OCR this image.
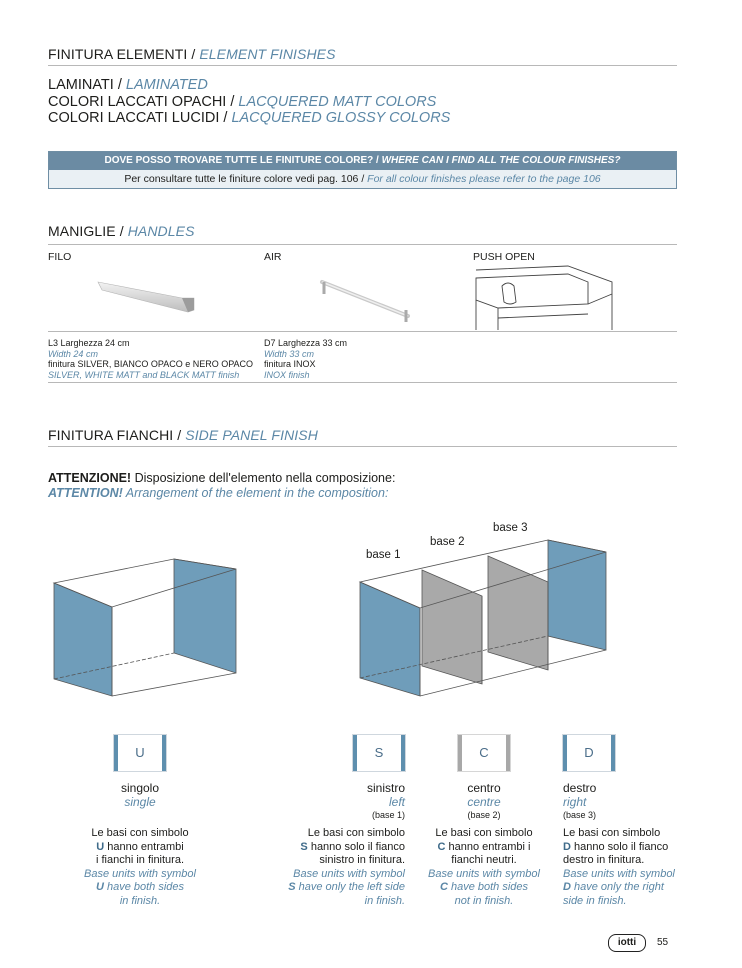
FINITURA ELEMENTI / ELEMENT FINISHES
LAMINATI / LAMINATED
COLORI LACCATI OPACHI / LACQUERED MATT COLORS
COLORI LACCATI LUCIDI / LACQUERED GLOSSY COLORS
DOVE POSSO TROVARE TUTTE LE FINITURE COLORE? / WHERE CAN I FIND ALL THE COLOUR FINISHES?
Per consultare tutte le finiture colore vedi pag. 106 / For all colour finishes please refer to the page 106
MANIGLIE / HANDLES
FILO	AIR	PUSH OPEN
L3 Larghezza 24 cm
Width 24 cm
finitura SILVER, BIANCO OPACO e NERO OPACO
SILVER, WHITE MATT and BLACK MATT finish
D7 Larghezza 33 cm
Width 33 cm
finitura INOX
INOX finish
FINITURA FIANCHI / SIDE PANEL FINISH
ATTENZIONE! Disposizione dell'elemento nella composizione:
ATTENTION! Arrangement of the element in the composition:
base 1
base 2
base 3
U	S	C	D
singolo
single
Le basi con simbolo
U hanno entrambi
i fianchi in finitura.
Base units with symbol
U have both sides
in finish.
sinistro
left
(base 1)
Le basi con simbolo
S hanno solo il fianco
sinistro in finitura.
Base units with symbol
S have only the left side
in finish.
centro
centre
(base 2)
Le basi con simbolo
C hanno entrambi i
fianchi neutri.
Base units with symbol
C have both sides
not in finish.
destro
right
(base 3)
Le basi con simbolo
D hanno solo il fianco
destro in finitura.
Base units with symbol
D have only the right
side in finish.
iotti	55
